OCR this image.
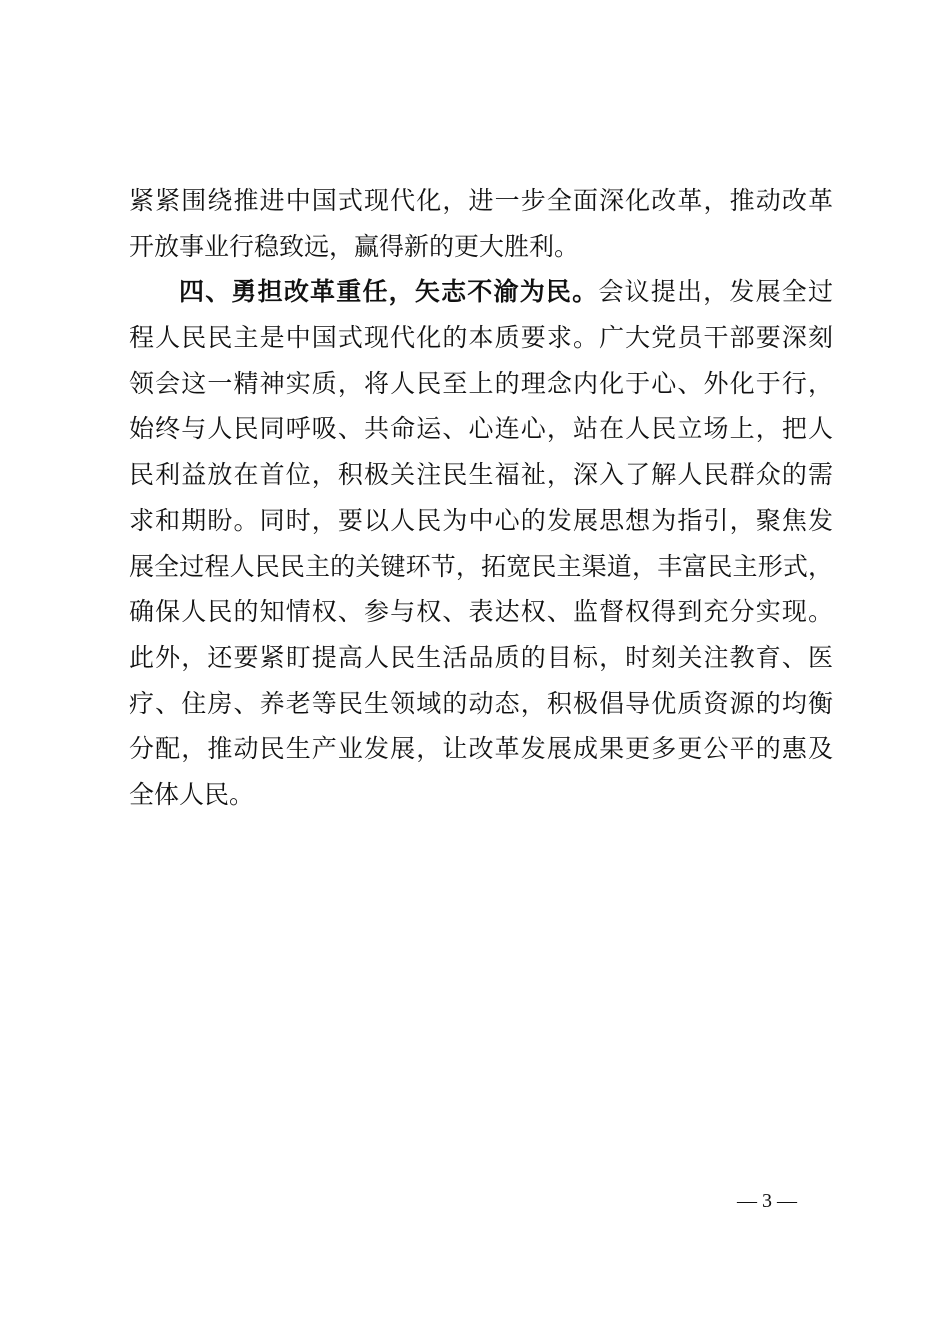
紧紧围绕推进中国式现代化，进一步全面深化改革，推动改革
开放事业行稳致远，赢得新的更大胜利。
四、勇担改革重任，矢志不渝为民。会议提出，发展全过
程人民民主是中国式现代化的本质要求。广大党员干部要深刻
领会这一精神实质，将人民至上的理念内化于心、外化于行，
始终与人民同呼吸、共命运、心连心，站在人民立场上，把人
民利益放在首位，积极关注民生福祉，深入了解人民群众的需
求和期盼。同时，要以人民为中心的发展思想为指引，聚焦发
展全过程人民民主的关键环节，拓宽民主渠道，丰富民主形式，
确保人民的知情权、参与权、表达权、监督权得到充分实现。
此外，还要紧盯提高人民生活品质的目标，时刻关注教育、医
疗、住房、养老等民生领域的动态，积极倡导优质资源的均衡
分配，推动民生产业发展，让改革发展成果更多更公平的惠及
全体人民。
— 3 —
